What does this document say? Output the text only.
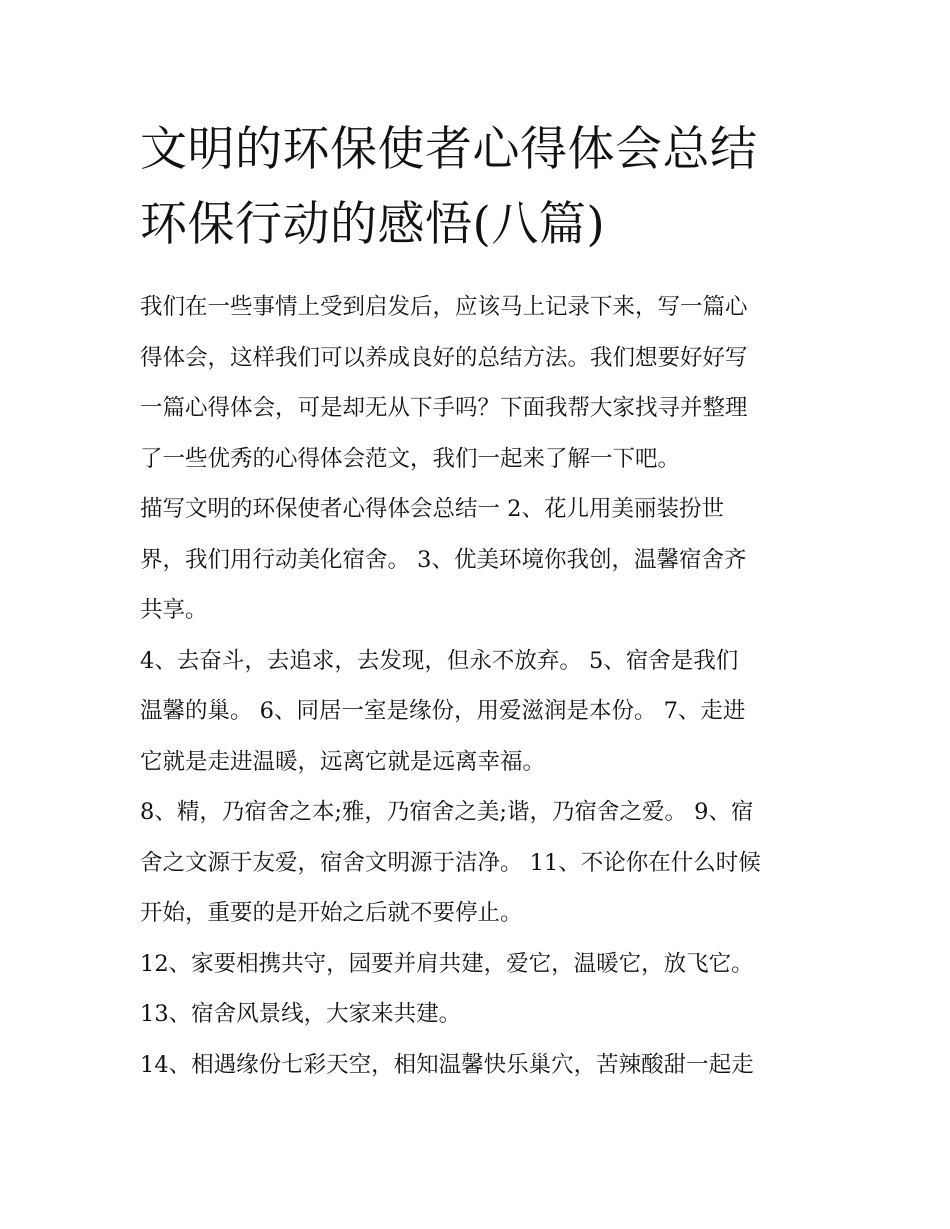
文明的环保使者心得体会总结
环保行动的感悟(八篇)

我们在一些事情上受到启发后，应该马上记录下来，写一篇心
得体会，这样我们可以养成良好的总结方法。我们想要好好写
一篇心得体会，可是却无从下手吗？下面我帮大家找寻并整理
了一些优秀的心得体会范文，我们一起来了解一下吧。

描写文明的环保使者心得体会总结一 2、花儿用美丽装扮世
界，我们用行动美化宿舍。 3、优美环境你我创，温馨宿舍齐
共享。

4、去奋斗，去追求，去发现，但永不放弃。 5、宿舍是我们
温馨的巢。 6、同居一室是缘份，用爱滋润是本份。 7、走进
它就是走进温暖，远离它就是远离幸福。

8、精，乃宿舍之本;雅，乃宿舍之美;谐，乃宿舍之爱。 9、宿
舍之文源于友爱，宿舍文明源于洁净。 11、不论你在什么时候
开始，重要的是开始之后就不要停止。

12、家要相携共守，园要并肩共建，爱它，温暖它，放飞它。

13、宿舍风景线，大家来共建。

14、相遇缘份七彩天空，相知温馨快乐巢穴，苦辣酸甜一起走
